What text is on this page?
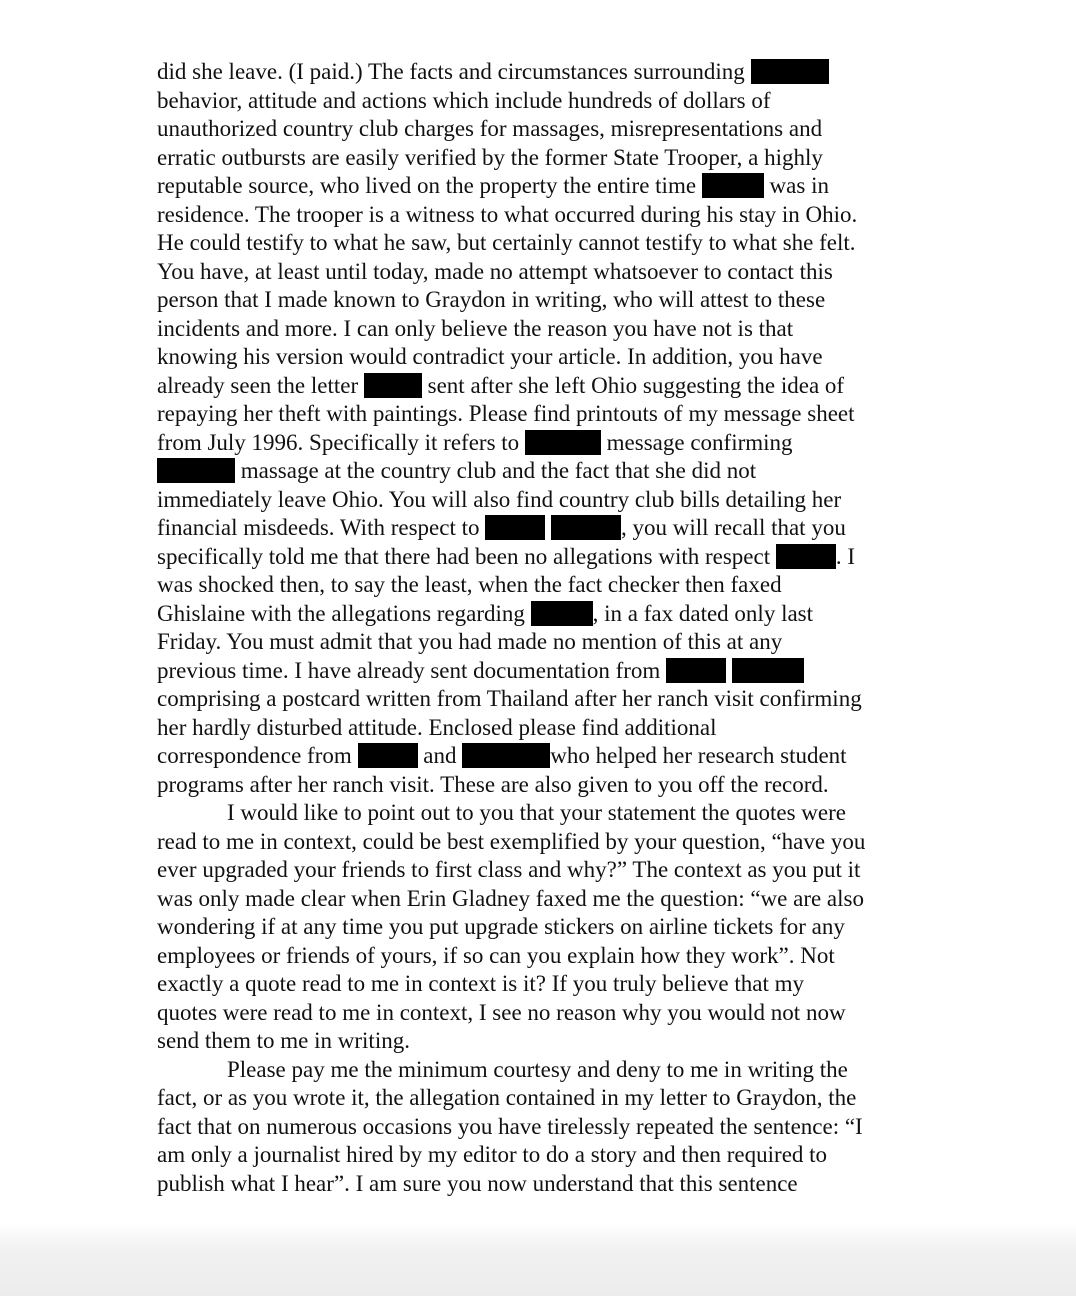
did she leave. (I paid.) The facts and circumstances surrounding
behavior, attitude and actions which include hundreds of dollars of
unauthorized country club charges for massages, misrepresentations and
erratic outbursts are easily verified by the former State Trooper, a highly
reputable source, who lived on the property the entire time	was in
residence. The trooper is a witness to what occurred during his stay in Ohio.
He could testify to what he saw, but certainly cannot testify to what she felt.
You have, at least until today, made no attempt whatsoever to contact this
person that I made known to Graydon in writing, who will attest to these
incidents and more. I can only believe the reason you have not is that
knowing his version would contradict your article. In addition, you have
already seen the letter	sent after she left Ohio suggesting the idea of
repaying her theft with paintings. Please find printouts of my message sheet
from July 1996. Specifically it refers to	message confirming
massage at the country club and the fact that she did not
immediately leave Ohio. You will also find country club bills detailing her
financial misdeeds. With respect to	, you will recall that you
specifically told me that there had been no allegations with respect	. I
was shocked then, to say the least, when the fact checker then faxed
Ghislaine with the allegations regarding	, in a fax dated only last
Friday. You must admit that you had made no mention of this at any
previous time. I have already sent documentation from
comprising a postcard written from Thailand after her ranch visit confirming
her hardly disturbed attitude. Enclosed please find additional
correspondence from	and	who helped her research student
programs after her ranch visit. These are also given to you off the record.
I would like to point out to you that your statement the quotes were
read to me in context, could be best exemplified by your question, “have you
ever upgraded your friends to first class and why?” The context as you put it
was only made clear when Erin Gladney faxed me the question: “we are also
wondering if at any time you put upgrade stickers on airline tickets for any
employees or friends of yours, if so can you explain how they work”. Not
exactly a quote read to me in context is it? If you truly believe that my
quotes were read to me in context, I see no reason why you would not now
send them to me in writing.
Please pay me the minimum courtesy and deny to me in writing the
fact, or as you wrote it, the allegation contained in my letter to Graydon, the
fact that on numerous occasions you have tirelessly repeated the sentence: “I
am only a journalist hired by my editor to do a story and then required to
publish what I hear”. I am sure you now understand that this sentence
